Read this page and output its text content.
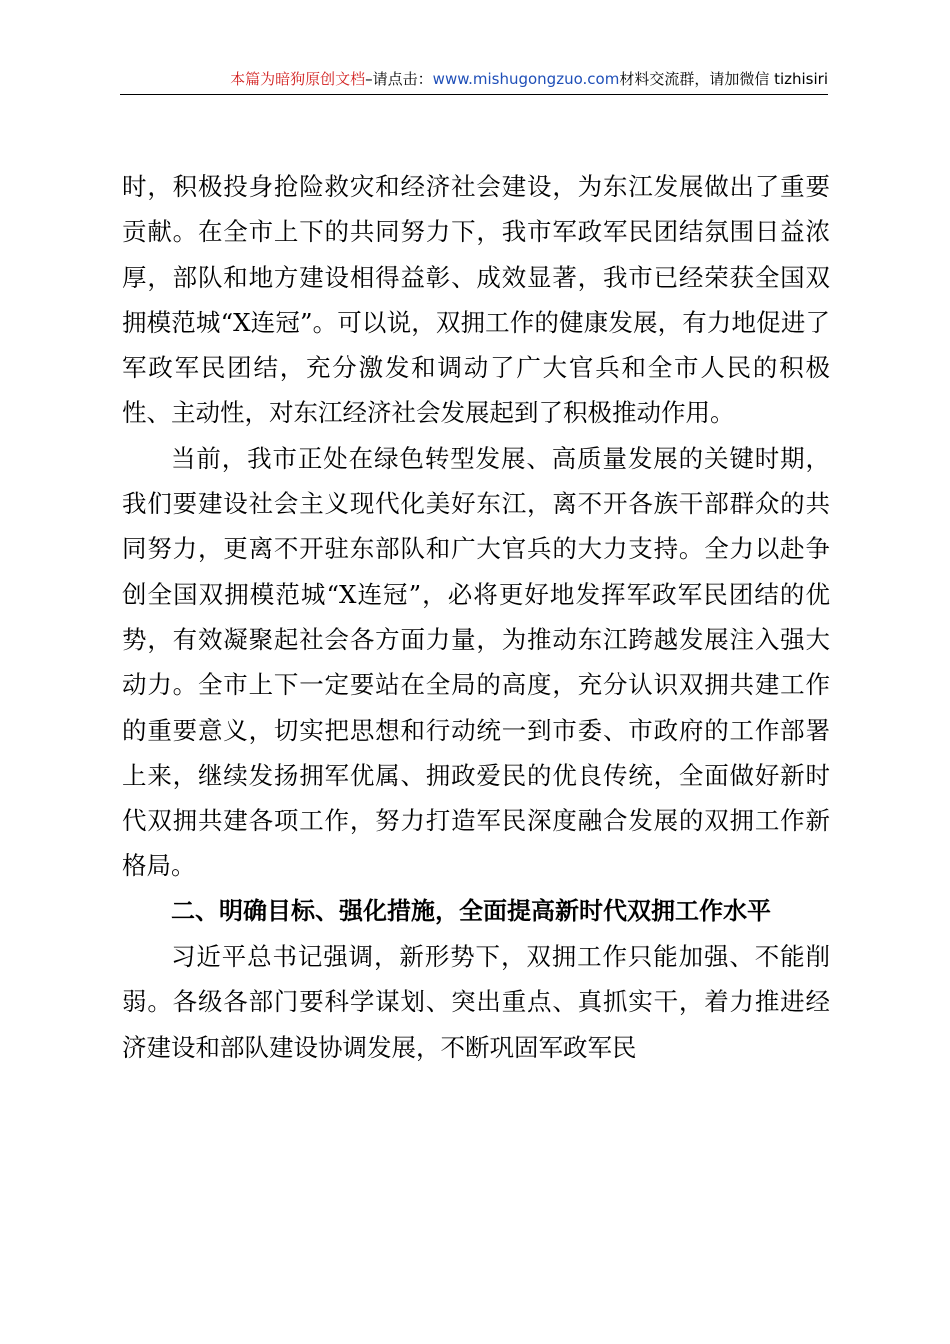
本篇为暗狗原创文档–请点击：www.mishugongzuo.com材料交流群，请加微信 tizhisiri

时，积极投身抢险救灾和经济社会建设，为东江发展做出了重要贡献。在全市上下的共同努力下，我市军政军民团结氛围日益浓厚，部队和地方建设相得益彰、成效显著，我市已经荣获全国双拥模范城“X连冠”。可以说，双拥工作的健康发展，有力地促进了军政军民团结，充分激发和调动了广大官兵和全市人民的积极性、主动性，对东江经济社会发展起到了积极推动作用。

当前，我市正处在绿色转型发展、高质量发展的关键时期，我们要建设社会主义现代化美好东江，离不开各族干部群众的共同努力，更离不开驻东部队和广大官兵的大力支持。全力以赴争创全国双拥模范城“X连冠”，必将更好地发挥军政军民团结的优势，有效凝聚起社会各方面力量，为推动东江跨越发展注入强大动力。全市上下一定要站在全局的高度，充分认识双拥共建工作的重要意义，切实把思想和行动统一到市委、市政府的工作部署上来，继续发扬拥军优属、拥政爱民的优良传统，全面做好新时代双拥共建各项工作，努力打造军民深度融合发展的双拥工作新格局。

二、明确目标、强化措施，全面提高新时代双拥工作水平

习近平总书记强调，新形势下，双拥工作只能加强、不能削弱。各级各部门要科学谋划、突出重点、真抓实干，着力推进经济建设和部队建设协调发展，不断巩固军政军民
